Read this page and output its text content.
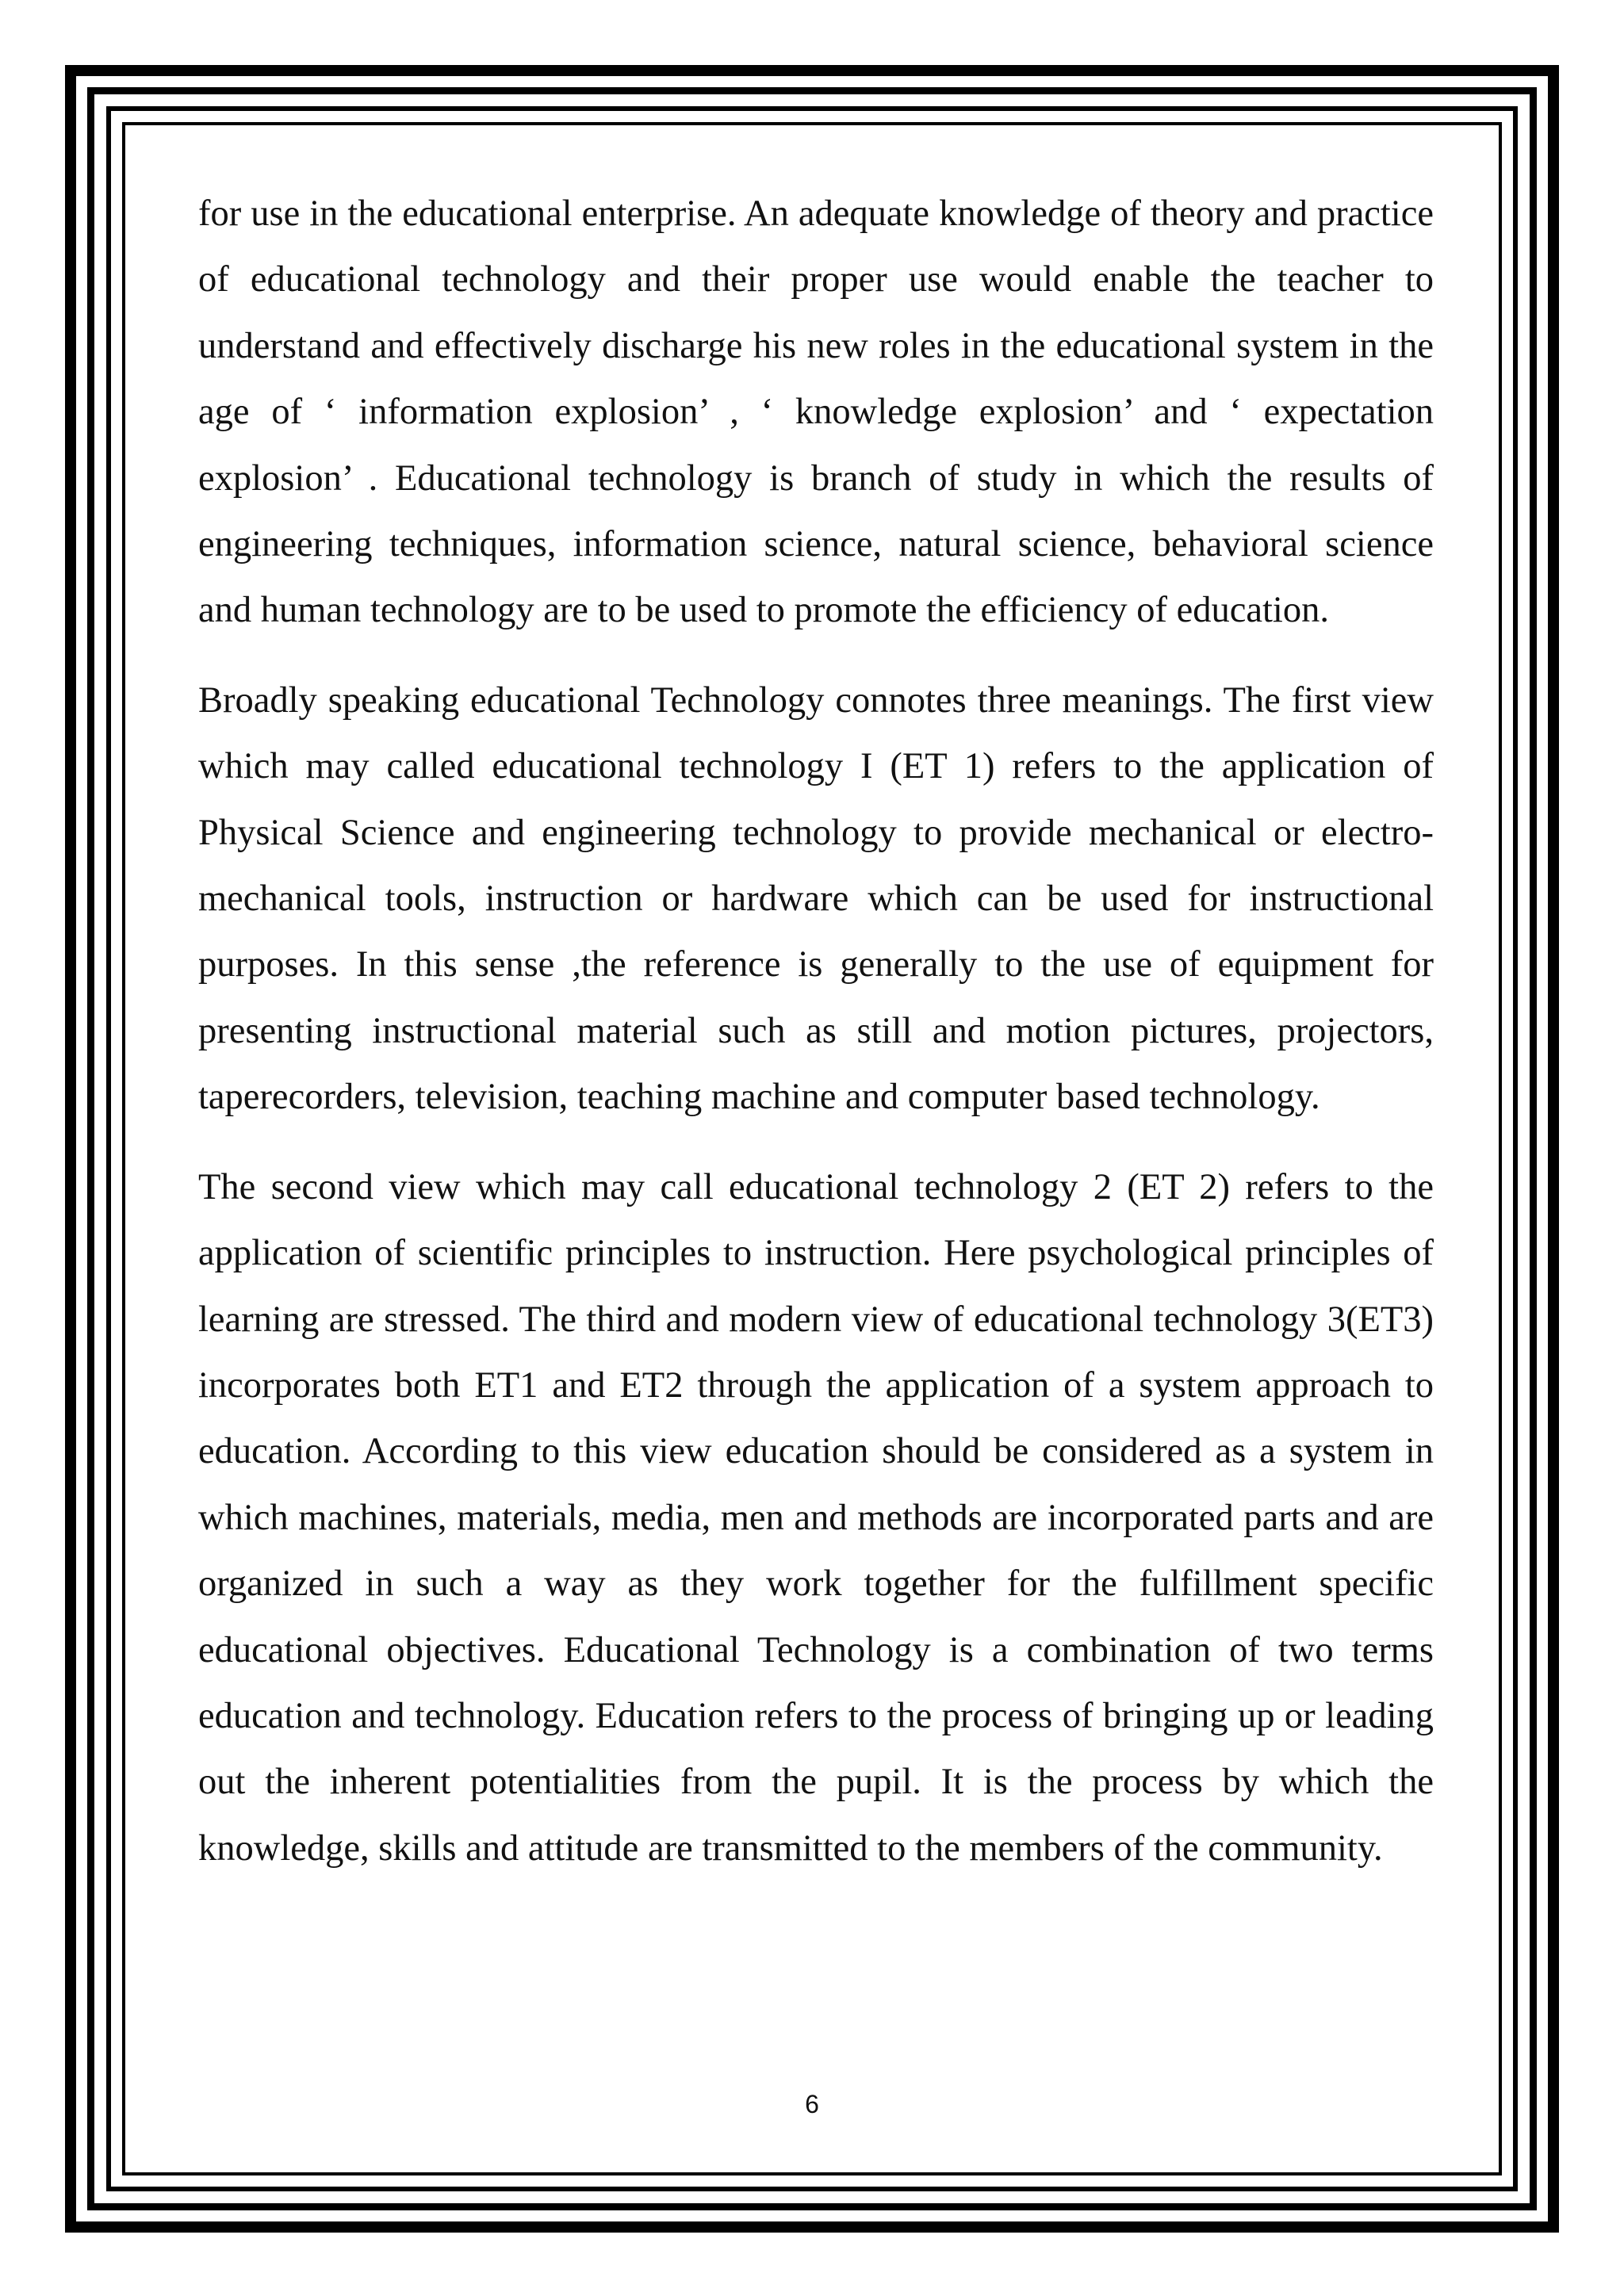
for use in the educational enterprise. An adequate knowledge of theory and practice of educational technology and their proper use would enable the teacher to understand and effectively discharge his new roles in the educational system in the age of ‘ information explosion’ , ‘ knowledge explosion’ and ‘ expectation explosion’ . Educational technology is branch of study in which the results of engineering techniques, information science, natural science, behavioral science and human technology are to be used to promote the efficiency of education.

Broadly speaking educational Technology connotes three meanings. The first view which may called educational technology I (ET 1) refers to the application of Physical Science and engineering technology to provide mechanical or electro-mechanical tools, instruction or hardware which can be used for instructional purposes. In this sense ,the reference is generally to the use of equipment for presenting instructional material such as still and motion pictures, projectors, taperecorders, television, teaching machine and computer based technology.

The second view which may call educational technology 2 (ET 2) refers to the application of scientific principles to instruction. Here psychological principles of learning are stressed. The third and modern view of educational technology 3(ET3) incorporates both ET1 and ET2 through the application of a system approach to education. According to this view education should be considered as a system in which machines, materials, media, men and methods are incorporated parts and are organized in such a way as they work together for the fulfillment specific educational objectives. Educational Technology is a combination of two terms education and technology. Education refers to the process of bringing up or leading out the inherent potentialities from the pupil. It is the process by which the knowledge, skills and attitude are transmitted to the members of the community.

6
